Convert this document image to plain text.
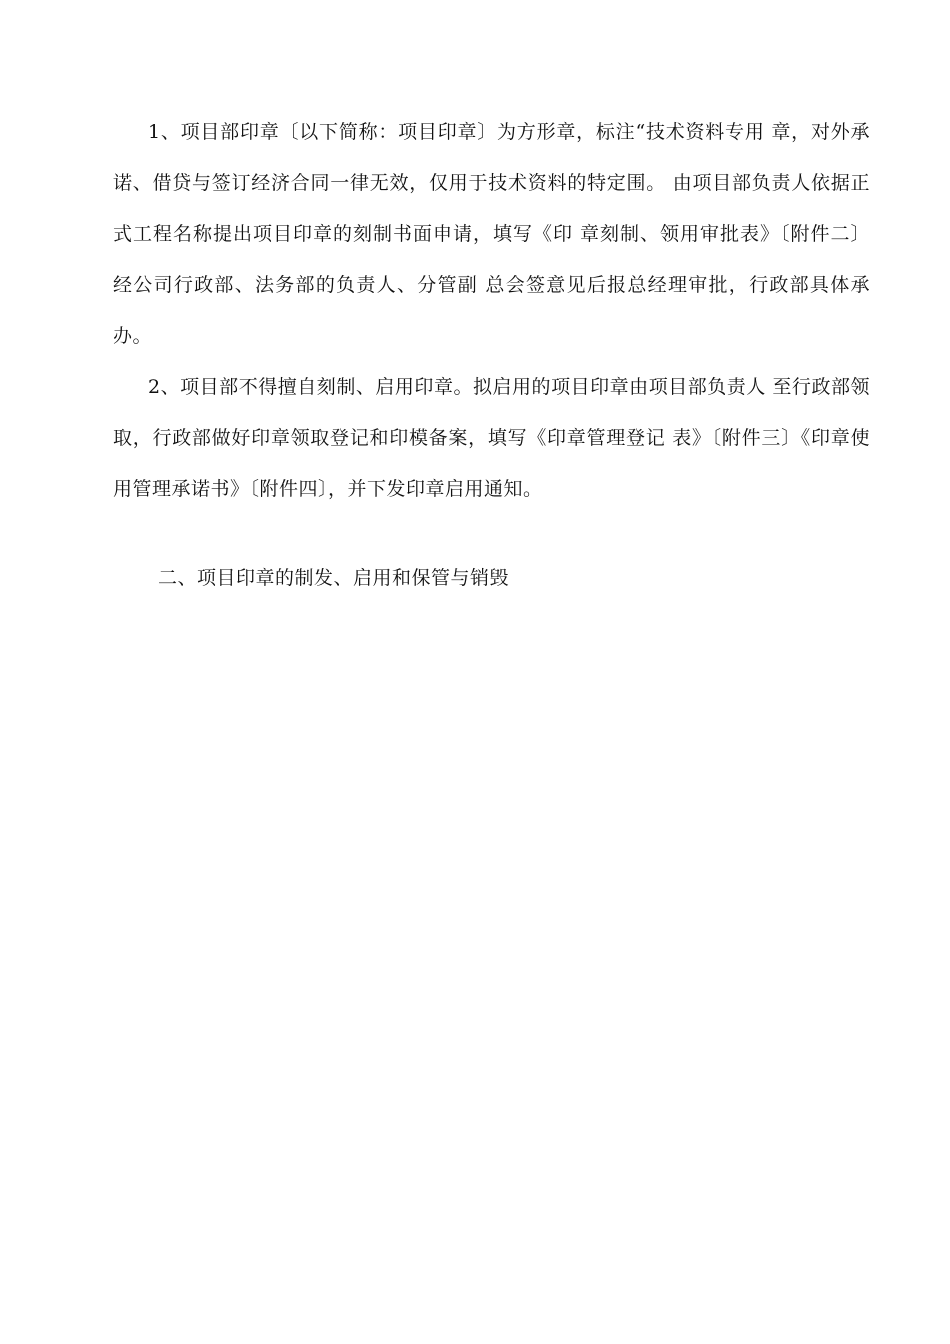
1、项目部印章〔以下简称：项目印章〕为方形章，标注“技术资料专用 章，对外承诺、借贷与签订经济合同一律无效，仅用于技术资料的特定围。 由项目部负责人依据正式工程名称提出项目印章的刻制书面申请，填写《印 章刻制、领用审批表》〔附件二〕经公司行政部、法务部的负责人、分管副 总会签意见后报总经理审批，行政部具体承办。

2、项目部不得擅自刻制、启用印章。拟启用的项目印章由项目部负责人 至行政部领取，行政部做好印章领取登记和印模备案，填写《印章管理登记 表》〔附件三〕《印章使用管理承诺书》〔附件四〕，并下发印章启用通知。

二、项目印章的制发、启用和保管与销毁
